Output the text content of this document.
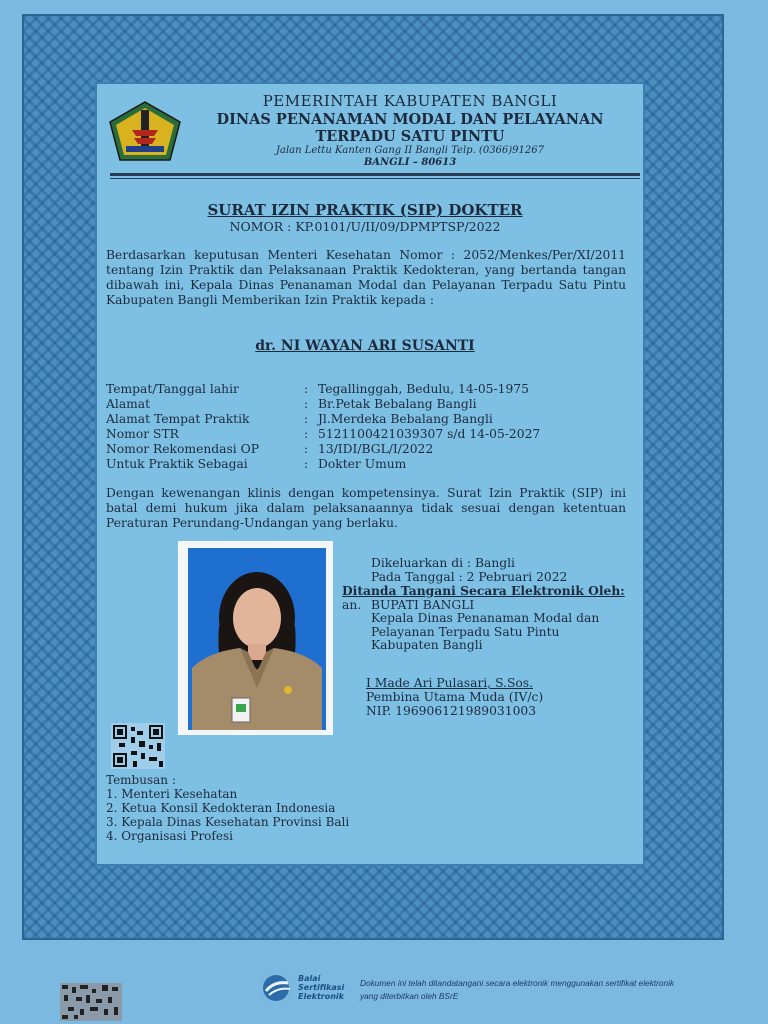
PEMERINTAH KABUPATEN BANGLI

DINAS PENANAMAN MODAL DAN PELAYANAN

TERPADU SATU PINTU

Jalan Lettu Kanten Gang II Bangli Telp. (0366)91267

BANGLI – 80613

SURAT IZIN PRAKTIK (SIP) DOKTER

NOMOR : KP.0101/U/II/09/DPMPTSP/2022

Berdasarkan keputusan Menteri Kesehatan Nomor : 2052/Menkes/Per/XI/2011 tentang Izin Praktik dan Pelaksanaan Praktik Kedokteran, yang bertanda tangan dibawah ini, Kepala Dinas Penanaman Modal dan Pelayanan Terpadu Satu Pintu Kabupaten Bangli Memberikan Izin Praktik kepada :

dr. NI WAYAN ARI SUSANTI

Tempat/Tanggal lahir	: Tegallinggah, Bedulu, 14-05-1975
Alamat	: Br.Petak Bebalang Bangli
Alamat Tempat Praktik	: Jl.Merdeka Bebalang Bangli
Nomor STR	: 5121100421039307 s/d 14-05-2027
Nomor Rekomendasi OP	: 13/IDI/BGL/I/2022
Untuk Praktik Sebagai	: Dokter Umum

Dengan kewenangan klinis dengan kompetensinya. Surat Izin Praktik (SIP) ini batal demi hukum jika dalam pelaksanaannya tidak sesuai dengan ketentuan Peraturan Perundang-Undangan yang berlaku.

Dikeluarkan di : Bangli

Pada Tanggal : 2 Pebruari 2022

Ditanda Tangani Secara Elektronik Oleh:

an. BUPATI BANGLI

Kepala Dinas Penanaman Modal dan

Pelayanan Terpadu Satu Pintu

Kabupaten Bangli

I Made Ari Pulasari, S.Sos.

Pembina Utama Muda (IV/c)

NIP. 196906121989031003

Tembusan :

1. Menteri Kesehatan

2. Ketua Konsil Kedokteran Indonesia

3. Kepala Dinas Kesehatan Provinsi Bali

4. Organisasi Profesi

Balai

Sertifikasi

Elektronik

Dokumen ini telah ditandatangani secara elektronik menggunakan sertifikat elektronik

yang diterbitkan oleh BSrE
